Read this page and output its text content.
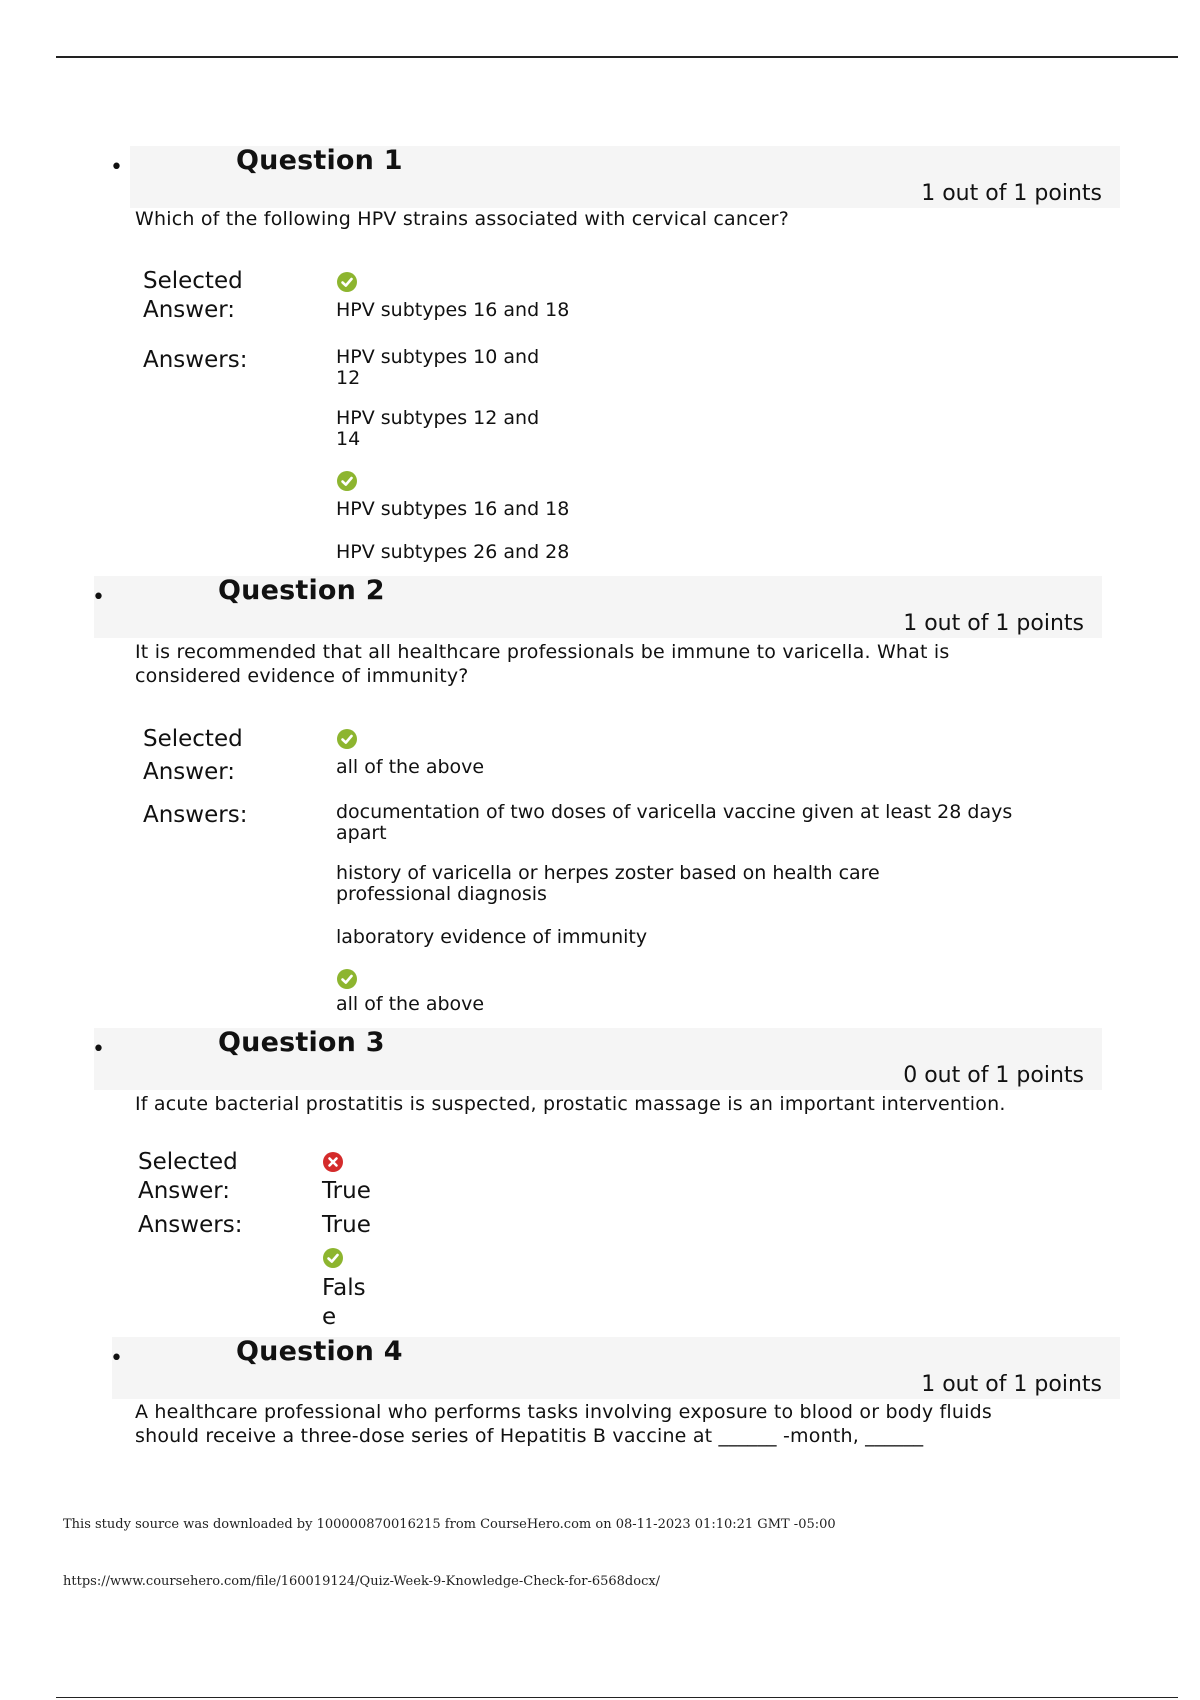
•	Question 1
1 out of 1 points
Which of the following HPV strains associated with cervical cancer?
Selected Answer:	HPV subtypes 16 and 18
Answers:	HPV subtypes 10 and 12
HPV subtypes 12 and 14
HPV subtypes 16 and 18
HPV subtypes 26 and 28
•	Question 2
1 out of 1 points
It is recommended that all healthcare professionals be immune to varicella. What is considered evidence of immunity?
Selected Answer:	all of the above
Answers:	documentation of two doses of varicella vaccine given at least 28 days apart
history of varicella or herpes zoster based on health care professional diagnosis
laboratory evidence of immunity
all of the above
•	Question 3
0 out of 1 points
If acute bacterial prostatitis is suspected, prostatic massage is an important intervention.
Selected Answer:	True
Answers:	True
False
•	Question 4
1 out of 1 points
A healthcare professional who performs tasks involving exposure to blood or body fluids should receive a three-dose series of Hepatitis B vaccine at ______ -month, ______
This study source was downloaded by 100000870016215 from CourseHero.com on 08-11-2023 01:10:21 GMT -05:00
https://www.coursehero.com/file/160019124/Quiz-Week-9-Knowledge-Check-for-6568docx/
